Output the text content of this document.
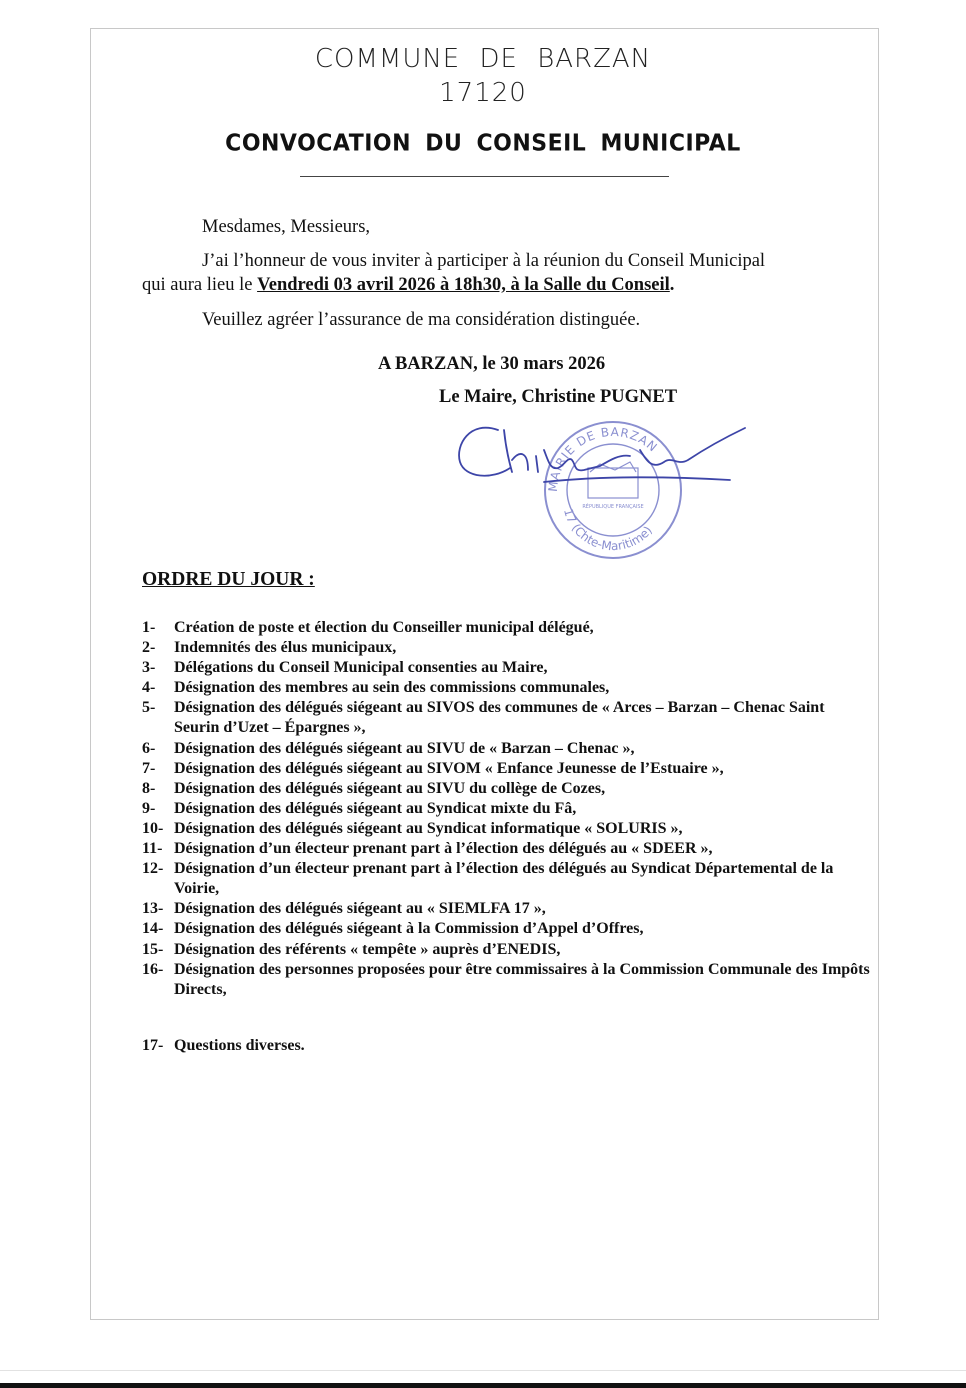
COMMUNE DE BARZAN
17120
CONVOCATION DU CONSEIL MUNICIPAL
Mesdames, Messieurs,
J’ai l’honneur de vous inviter à participer à la réunion du Conseil Municipal
qui aura lieu le Vendredi 03 avril 2026 à 18h30, à la Salle du Conseil.
Veuillez agréer l’assurance de ma considération distinguée.
A BARZAN, le 30 mars 2026
Le Maire, Christine PUGNET
MAIRIE DE BARZAN
17 (Chte-Maritime)
RÉPUBLIQUE FRANÇAISE
ORDRE DU JOUR :
1- Création de poste et élection du Conseiller municipal délégué,
2- Indemnités des élus municipaux,
3- Délégations du Conseil Municipal consenties au Maire,
4- Désignation des membres au sein des commissions communales,
5- Désignation des délégués siégeant au SIVOS des communes de « Arces – Barzan – Chenac Saint Seurin d’Uzet – Épargnes »,
6- Désignation des délégués siégeant au SIVU de « Barzan – Chenac »,
7- Désignation des délégués siégeant au SIVOM « Enfance Jeunesse de l’Estuaire »,
8- Désignation des délégués siégeant au SIVU du collège de Cozes,
9- Désignation des délégués siégeant au Syndicat mixte du Fâ,
10- Désignation des délégués siégeant au Syndicat informatique « SOLURIS »,
11- Désignation d’un électeur prenant part à l’élection des délégués au « SDEER »,
12- Désignation d’un électeur prenant part à l’élection des délégués au Syndicat Départemental de la Voirie,
13- Désignation des délégués siégeant au « SIEMLFA 17 »,
14- Désignation des délégués siégeant à la Commission d’Appel d’Offres,
15- Désignation des référents « tempête » auprès d’ENEDIS,
16- Désignation des personnes proposées pour être commissaires à la Commission Communale des Impôts Directs,
17- Questions diverses.
